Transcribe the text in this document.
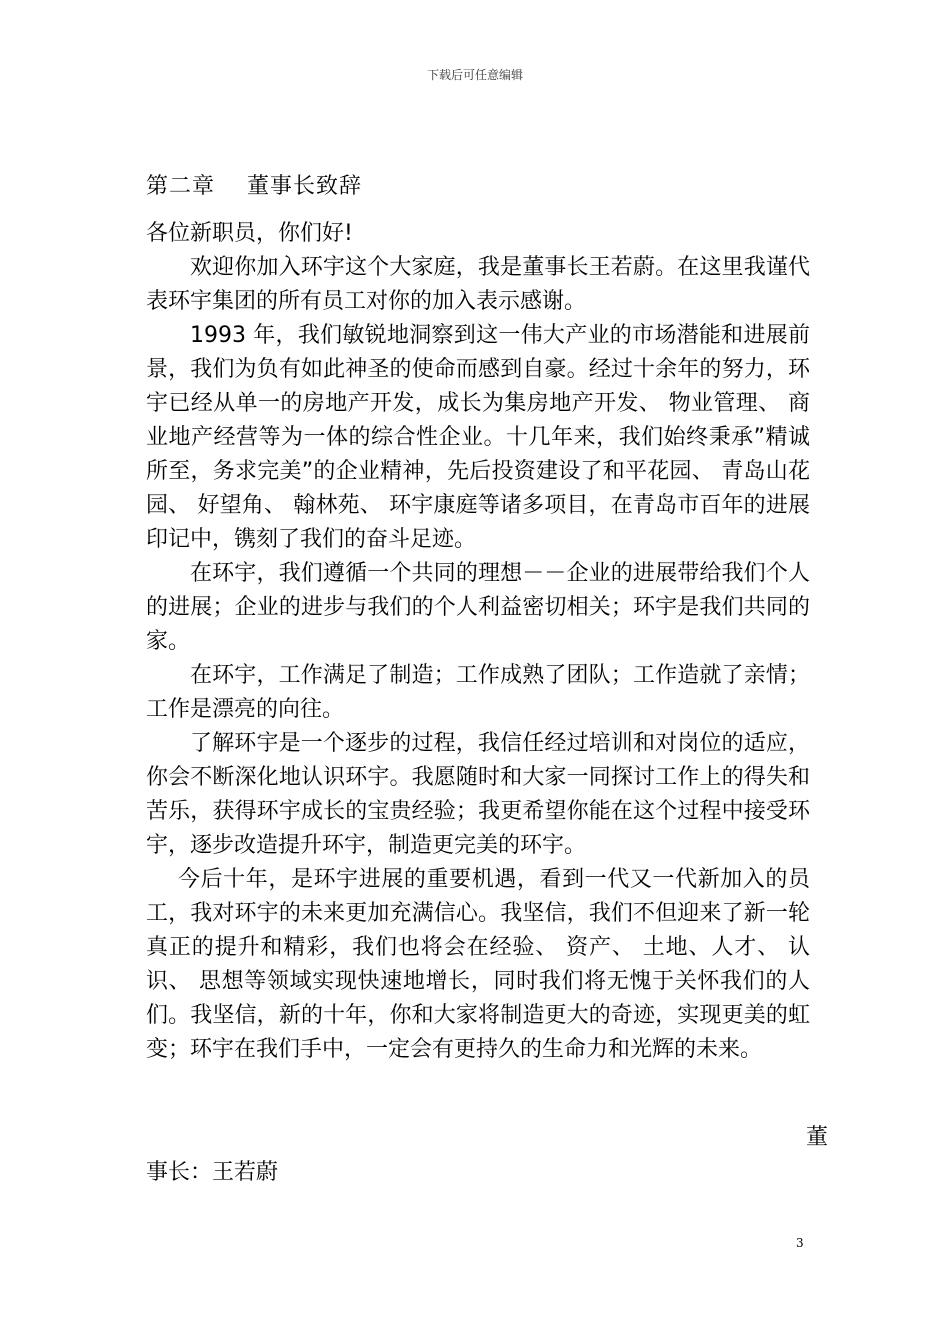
下载后可任意编辑
第二章    董事长致辞

各位新职员，你们好!

欢迎你加入环宇这个大家庭，我是董事长王若蔚。在这里我谨代表环宇集团的所有员工对你的加入表示感谢。

1993 年，我们敏锐地洞察到这一伟大产业的市场潜能和进展前景，我们为负有如此神圣的使命而感到自豪。经过十余年的努力，环宇已经从单一的房地产开发，成长为集房地产开发、 物业管理、 商业地产经营等为一体的综合性企业。十几年来，我们始终秉承”精诚所至，务求完美”的企业精神，先后投资建设了和平花园、 青岛山花园、 好望角、 翰林苑、 环宇康庭等诸多项目，在青岛市百年的进展印记中，镌刻了我们的奋斗足迹。

在环宇，我们遵循一个共同的理想－－企业的进展带给我们个人的进展；企业的进步与我们的个人利益密切相关；环宇是我们共同的家。

在环宇，工作满足了制造；工作成熟了团队；工作造就了亲情；工作是漂亮的向往。

了解环宇是一个逐步的过程，我信任经过培训和对岗位的适应，你会不断深化地认识环宇。我愿随时和大家一同探讨工作上的得失和苦乐，获得环宇成长的宝贵经验；我更希望你能在这个过程中接受环宇，逐步改造提升环宇，制造更完美的环宇。

今后十年，是环宇进展的重要机遇，看到一代又一代新加入的员工，我对环宇的未来更加充满信心。我坚信，我们不但迎来了新一轮真正的提升和精彩，我们也将会在经验、 资产、 土地、人才、 认识、 思想等领域实现快速地增长，同时我们将无愧于关怀我们的人们。我坚信，新的十年，你和大家将制造更大的奇迹，实现更美的虹变；环宇在我们手中，一定会有更持久的生命力和光辉的未来。

董
事长：王若蔚
3
